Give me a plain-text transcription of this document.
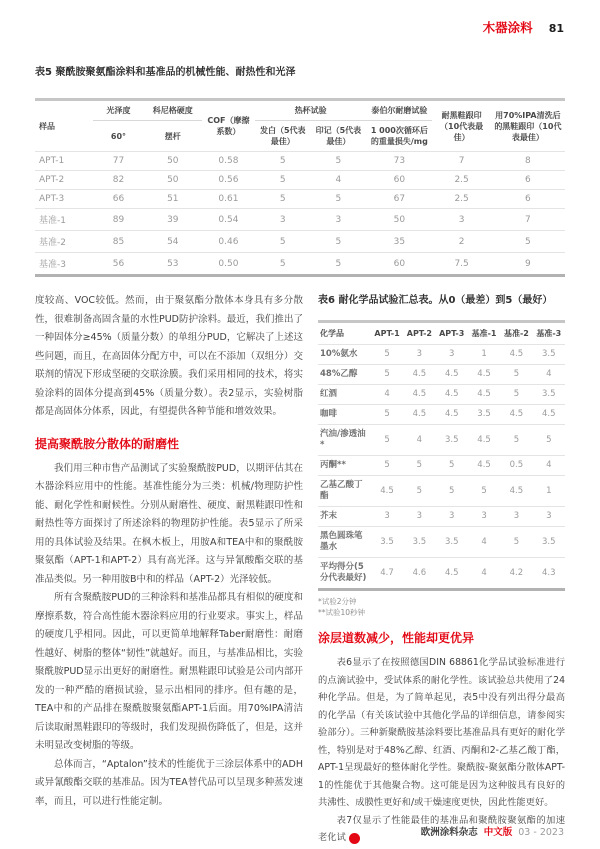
木器涂料 81

表5 聚酰胺聚氨酯涂料和基准品的机械性能、耐热性和光泽

样品	光泽度	科尼格硬度	COF（摩擦系数）	热杯试验		泰伯尔耐磨试验	耐黑鞋跟印（10代表最佳）	用70%IPA清洗后的黑鞋跟印（10代表最佳）
	60°	摆杆		发白（5代表最佳）	印记（5代表最佳）	1 000次循环后的重量损失/mg		
APT-1	77	50	0.58	5	5	73	7	8
APT-2	82	50	0.56	5	4	60	2.5	6
APT-3	66	51	0.61	5	5	67	2.5	6
基准-1	89	39	0.54	3	3	50	3	7
基准-2	85	54	0.46	5	5	35	2	5
基准-3	56	53	0.50	5	5	60	7.5	9

度较高、VOC较低。然而，由于聚氨酯分散体本身具有多分散性，很难制备高固含量的水性PUD防护涂料。最近，我们推出了一种固体分≥45%（质量分数）的单组分PUD，它解决了上述这些问题，而且，在高固体分配方中，可以在不添加（双组分）交联剂的情况下形成坚硬的交联涂膜。我们采用相同的技术，将实验涂料的固体分提高到45%（质量分数）。表2显示，实验树脂都是高固体分体系，因此，有望提供各种节能和增效效果。

提高聚酰胺分散体的耐磨性

我们用三种市售产品测试了实验聚酰胺PUD，以期评估其在木器涂料应用中的性能。基准性能分为三类：机械/物理防护性能、耐化学性和耐候性。分别从耐磨性、硬度、耐黑鞋跟印性和耐热性等方面探讨了所述涂料的物理防护性能。表5显示了所采用的具体试验及结果。在枫木板上，用胺A和TEA中和的聚酰胺聚氨酯（APT-1和APT-2）具有高光泽。这与异氰酸酯交联的基准品类似。另一种用胺B中和的样品（APT-2）光泽较低。

所有含聚酰胺PUD的三种涂料和基准品都具有相似的硬度和摩擦系数，符合高性能木器涂料应用的行业要求。事实上，样品的硬度几乎相同。因此，可以更简单地解释Taber耐磨性：耐磨性越好、树脂的整体“韧性”就越好。而且，与基准品相比，实验聚酰胺PUD显示出更好的耐磨性。耐黑鞋跟印试验是公司内部开发的一种严酷的磨损试验，显示出相同的排序。但有趣的是，TEA中和的产品排在聚酰胺聚氨酯APT-1后面。用70%IPA清洁后读取耐黑鞋跟印的等级时，我们发现损伤降低了，但是，这并未明显改变树脂的等级。

总体而言，“Aptalon”技术的性能优于三涂层体系中的ADH或异氰酸酯交联的基准品。因为TEA替代品可以呈现多种蒸发速率，而且，可以进行性能定制。

表6 耐化学品试验汇总表。从0（最差）到5（最好）

化学品	APT-1	APT-2	APT-3	基准-1	基准-2	基准-3
10%氨水	5	3	3	1	4.5	3.5
48%乙醇	5	4.5	4.5	4.5	5	4
红酒	4	4.5	4.5	4.5	5	3.5
咖啡	5	4.5	4.5	3.5	4.5	4.5
汽油/渗透油*	5	4	3.5	4.5	5	5
丙酮**	5	5	5	4.5	0.5	4
乙基乙酸丁酯	4.5	5	5	5	4.5	1
芥末	3	3	3	3	3	3
黑色圆珠笔墨水	3.5	3.5	3.5	4	5	3.5
平均得分(5分代表最好)	4.7	4.6	4.5	4	4.2	4.3

*试验2分钟

**试验10秒钟

涂层道数减少，性能却更优异

表6显示了在按照德国DIN 68861化学品试验标准进行的点滴试验中，受试体系的耐化学性。该试验总共使用了24种化学品。但是，为了简单起见，表5中没有列出得分最高的化学品（有关该试验中其他化学品的详细信息，请参阅实验部分）。三种新聚酰胺基涂料要比基准品具有更好的耐化学性，特别是对于48%乙醇、红酒、丙酮和2-乙基乙酸丁酯，APT-1呈现最好的整体耐化学性。聚酰胺-聚氨酯分散体APT-1的性能优于其他聚合物。这可能是因为这种胺具有良好的共沸性、成膜性更好和/或干燥速度更快，因此性能更好。

表7仅显示了性能最佳的基准品和聚酰胺聚氨酯的加速老化试 →

欧洲涂料杂志 中文版 03 - 2023
